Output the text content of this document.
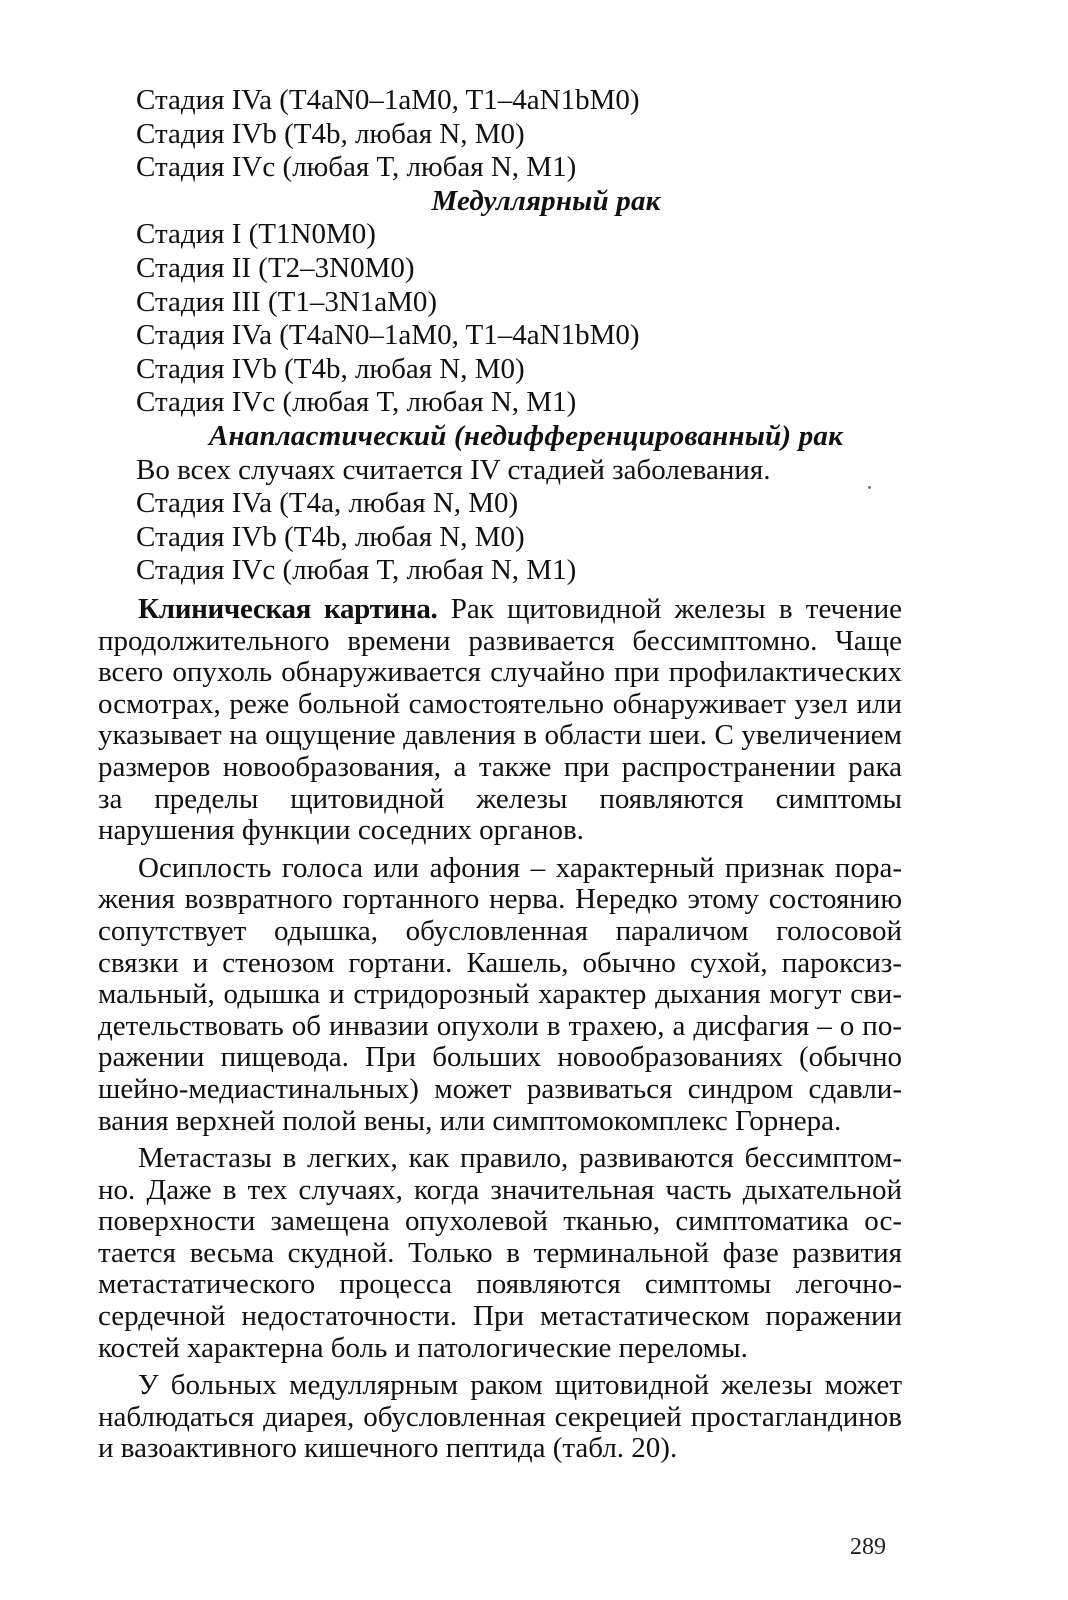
Стадия IVa (T4aN0–1aM0, T1–4aN1bM0)

Стадия IVb (T4b, любая N, M0)

Стадия IVc (любая T, любая N, M1)

Медуллярный рак

Стадия I (T1N0M0)

Стадия II (T2–3N0M0)

Стадия III (T1–3N1aM0)

Стадия IVa (T4aN0–1aM0, T1–4aN1bM0)

Стадия IVb (T4b, любая N, M0)

Стадия IVc (любая T, любая N, M1)

Анапластический (недифференцированный) рак

Во всех случаях считается IV стадией заболевания.

Стадия IVa (T4a, любая N, M0)

Стадия IVb (T4b, любая N, M0)

Стадия IVc (любая T, любая N, M1)

Клиническая картина. Рак щитовидной железы в течение продолжительного времени развивается бессимптомно. Чаще всего опухоль обнаруживается случайно при профилактических осмотрах, реже больной самостоятельно обнаруживает узел или указывает на ощущение давления в области шеи. С увеличением размеров новообразования, а также при распространении рака за пределы щитовидной железы появляются симптомы нарушения функции соседних органов.

Осиплость голоса или афония – характерный признак поражения возвратного гортанного нерва. Нередко этому состоянию сопутствует одышка, обусловленная параличом голосовой связки и стенозом гортани. Кашель, обычно сухой, пароксизмальный, одышка и стридорозный характер дыхания могут свидетельствовать об инвазии опухоли в трахею, а дисфагия – о поражении пищевода. При больших новообразованиях (обычно шейно-медиастинальных) может развиваться синдром сдавливания верхней полой вены, или симптомокомплекс Горнера.

Метастазы в легких, как правило, развиваются бессимптомно. Даже в тех случаях, когда значительная часть дыхательной поверхности замещена опухолевой тканью, симптоматика остается весьма скудной. Только в терминальной фазе развития метастатического процесса появляются симптомы легочносердечной недостаточности. При метастатическом поражении костей характерна боль и патологические переломы.

У больных медуллярным раком щитовидной железы может наблюдаться диарея, обусловленная секрецией простагландинов и вазоактивного кишечного пептида (табл. 20).

289
